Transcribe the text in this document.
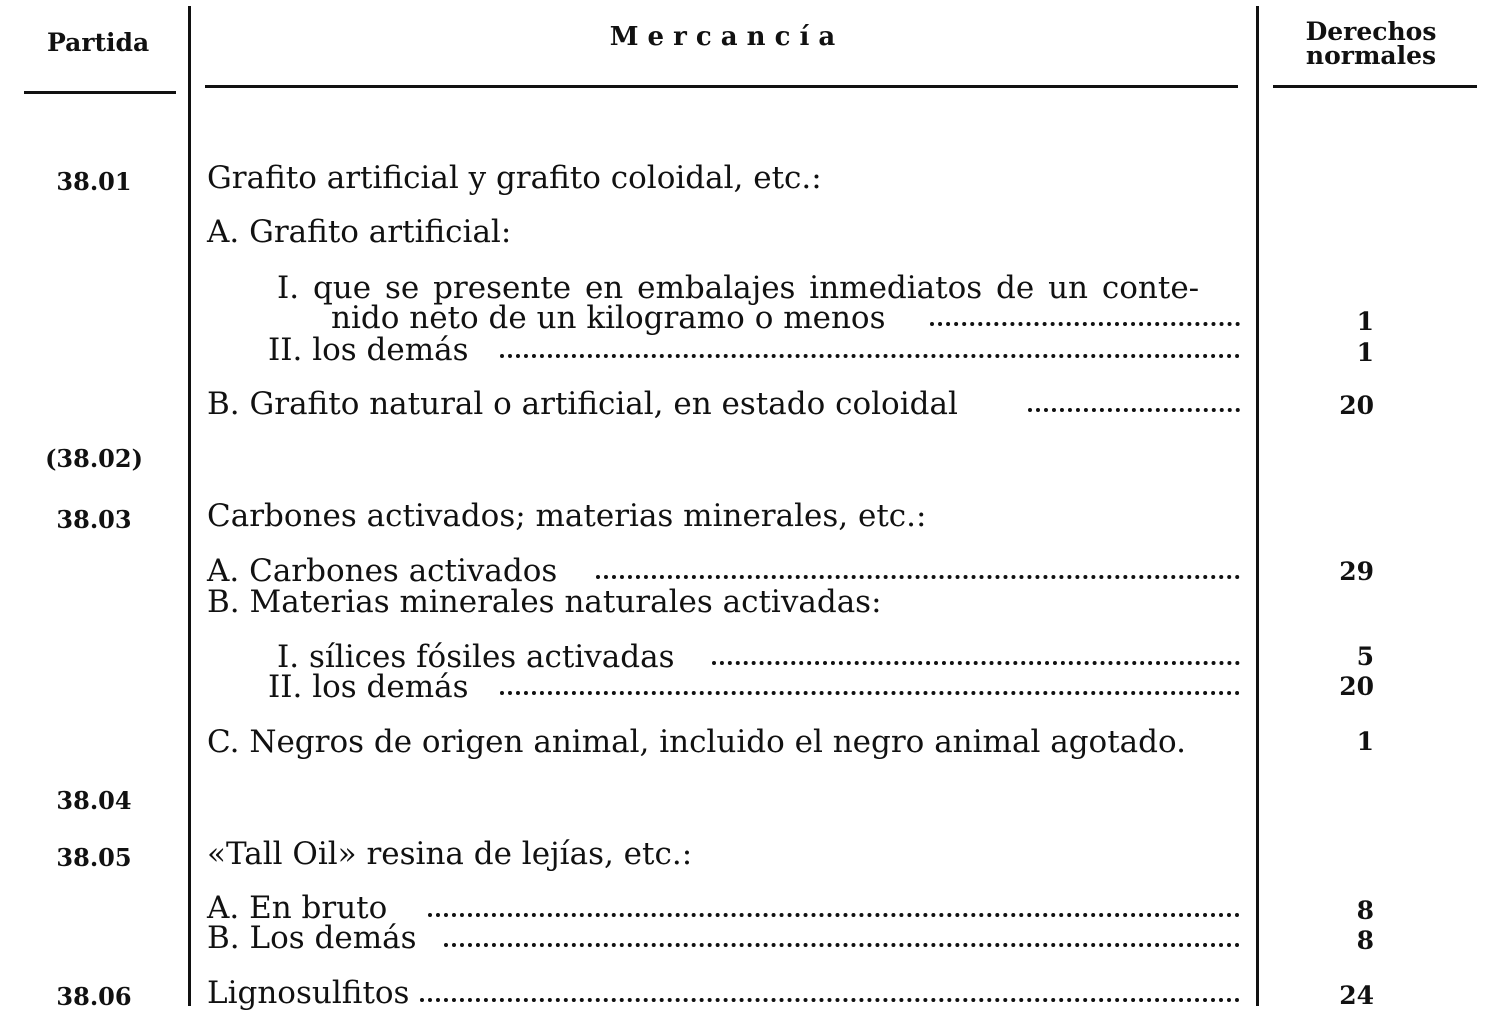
Partida	M e r c a n c í a	Derechos
normales
38.01	Grafito artificial y grafito coloidal, etc.:
A. Grafito artificial:
I. que se presente en embalajes inmediatos de un conte-
nido neto de un kilogramo o menos	1
II. los demás	1
B. Grafito natural o artificial, en estado coloidal	20
(38.02)
38.03	Carbones activados; materias minerales, etc.:
A. Carbones activados	29
B. Materias minerales naturales activadas:
I. sílices fósiles activadas	5
II. los demás	20
C. Negros de origen animal, incluido el negro animal agotado.	1
38.04
38.05	«Tall Oil» resina de lejías, etc.:
A. En bruto	8
B. Los demás	8
38.06	Lignosulfitos	24
